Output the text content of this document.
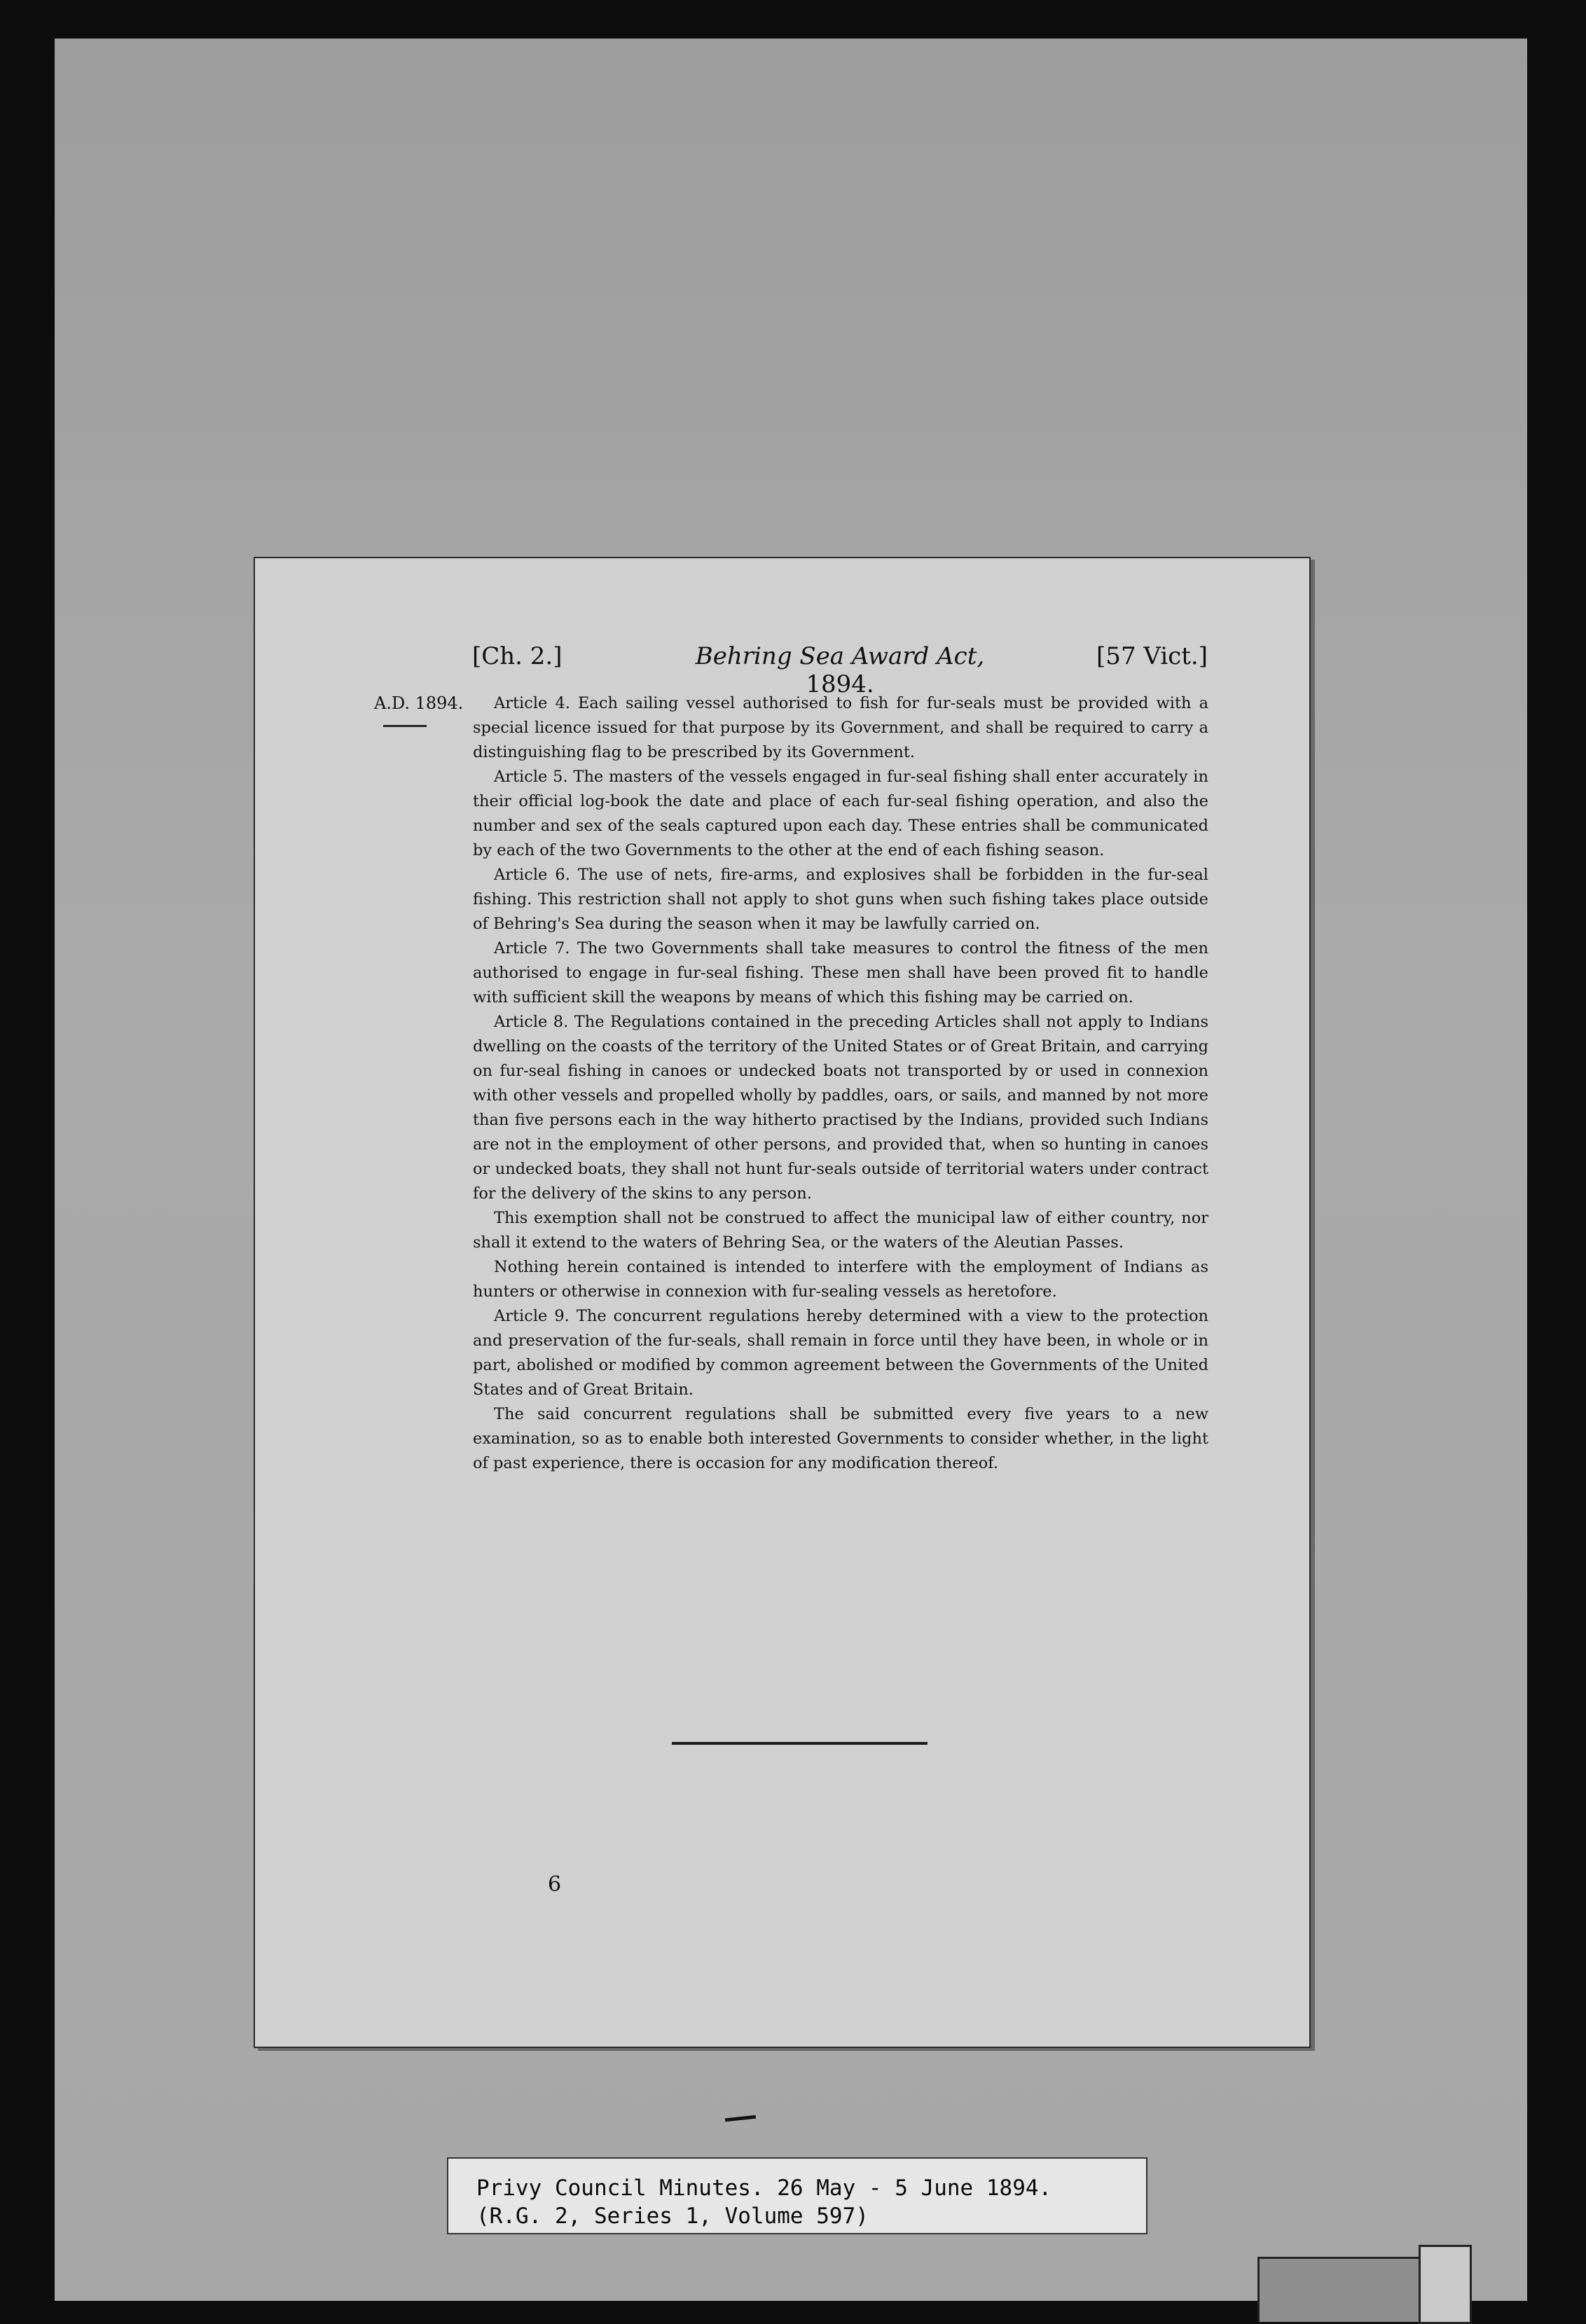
[Ch. 2.]	Behring Sea Award Act, 1894.
[57 Vict.]
A.D. 1894.	Article 4. Each sailing vessel authorised to fish for fur-seals must be provided with a special licence issued for that purpose by its Government, and shall be required to carry a distinguishing flag to be prescribed by its Government.

Article 5. The masters of the vessels engaged in fur-seal fishing shall enter accurately in their official log-book the date and place of each fur-seal fishing operation, and also the number and sex of the seals captured upon each day. These entries shall be communicated by each of the two Governments to the other at the end of each fishing season.

Article 6. The use of nets, fire-arms, and explosives shall be forbidden in the fur-seal fishing. This restriction shall not apply to shot guns when such fishing takes place outside of Behring's Sea during the season when it may be lawfully carried on.

Article 7. The two Governments shall take measures to control the fitness of the men authorised to engage in fur-seal fishing. These men shall have been proved fit to handle with sufficient skill the weapons by means of which this fishing may be carried on.

Article 8. The Regulations contained in the preceding Articles shall not apply to Indians dwelling on the coasts of the territory of the United States or of Great Britain, and carrying on fur-seal fishing in canoes or undecked boats not transported by or used in connexion with other vessels and propelled wholly by paddles, oars, or sails, and manned by not more than five persons each in the way hitherto practised by the Indians, provided such Indians are not in the employment of other persons, and provided that, when so hunting in canoes or undecked boats, they shall not hunt fur-seals outside of territorial waters under contract for the delivery of the skins to any person.

This exemption shall not be construed to affect the municipal law of either country, nor shall it extend to the waters of Behring Sea, or the waters of the Aleutian Passes.

Nothing herein contained is intended to interfere with the employment of Indians as hunters or otherwise in connexion with fur-sealing vessels as heretofore.

Article 9. The concurrent regulations hereby determined with a view to the protection and preservation of the fur-seals, shall remain in force until they have been, in whole or in part, abolished or modified by common agreement between the Governments of the United States and of Great Britain.

The said concurrent regulations shall be submitted every five years to a new examination, so as to enable both interested Governments to consider whether, in the light of past experience, there is occasion for any modification thereof.

6
Privy Council Minutes. 26 May - 5 June 1894.
(R.G. 2, Series 1, Volume 597)
